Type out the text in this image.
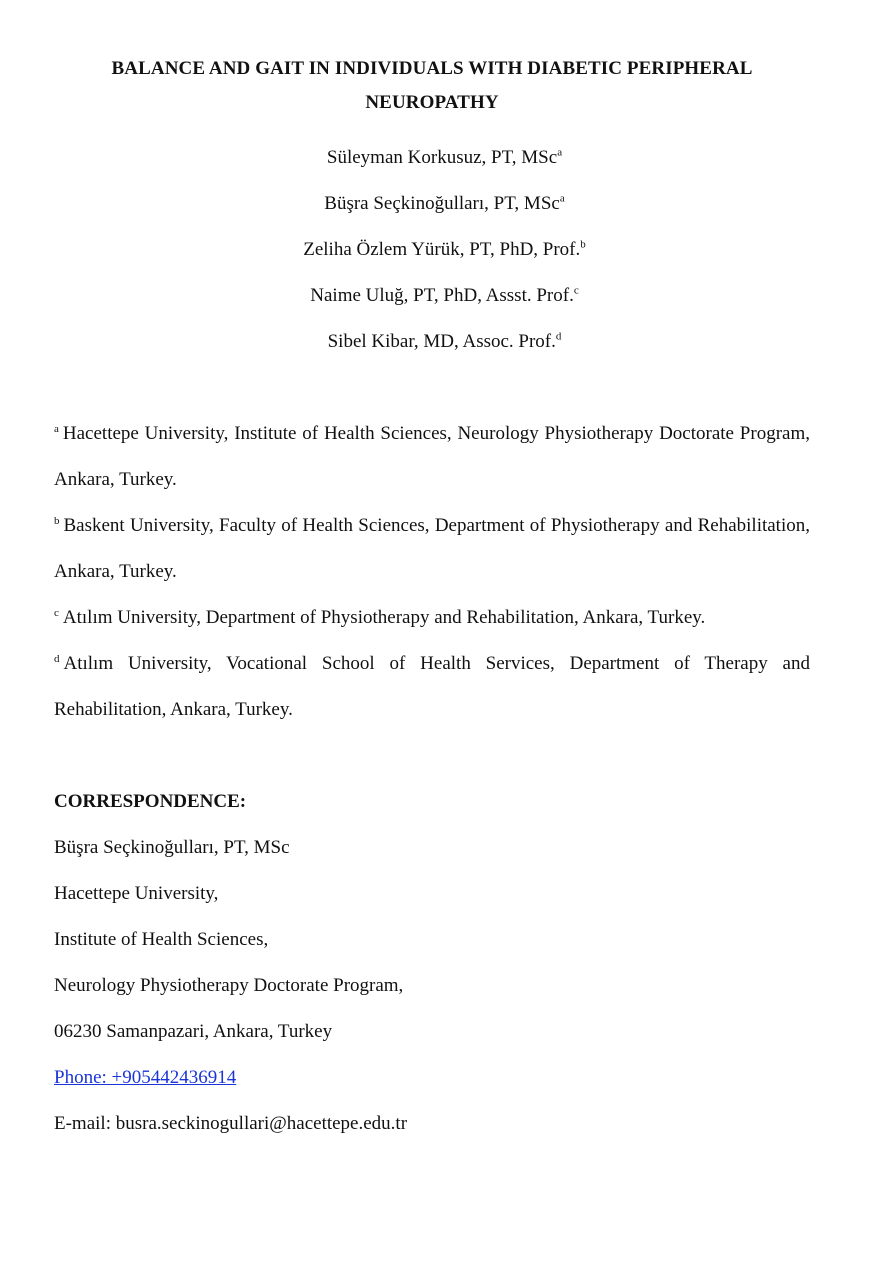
BALANCE AND GAIT IN INDIVIDUALS WITH DIABETIC PERIPHERAL NEUROPATHY
Süleyman Korkusuz, PT, MSc$^a$
Büşra Seçkinoğulları, PT, MSc$^a$
Zeliha Özlem Yürük, PT, PhD, Prof.$^b$
Naime Uluğ, PT, PhD, Assst. Prof.$^c$
Sibel Kibar, MD, Assoc. Prof.$^d$
$^a$ Hacettepe University, Institute of Health Sciences, Neurology Physiotherapy Doctorate Program, Ankara, Turkey.
$^b$ Baskent University, Faculty of Health Sciences, Department of Physiotherapy and Rehabilitation, Ankara, Turkey.
$^c$ Atılım University, Department of Physiotherapy and Rehabilitation, Ankara, Turkey.
$^d$ Atılım University, Vocational School of Health Services, Department of Therapy and Rehabilitation, Ankara, Turkey.
CORRESPONDENCE:
Büşra Seçkinoğulları, PT, MSc
Hacettepe University,
Institute of Health Sciences,
Neurology Physiotherapy Doctorate Program,
06230 Samanpazari, Ankara, Turkey
Phone: +905442436914
E-mail: busra.seckinogullari@hacettepe.edu.tr
